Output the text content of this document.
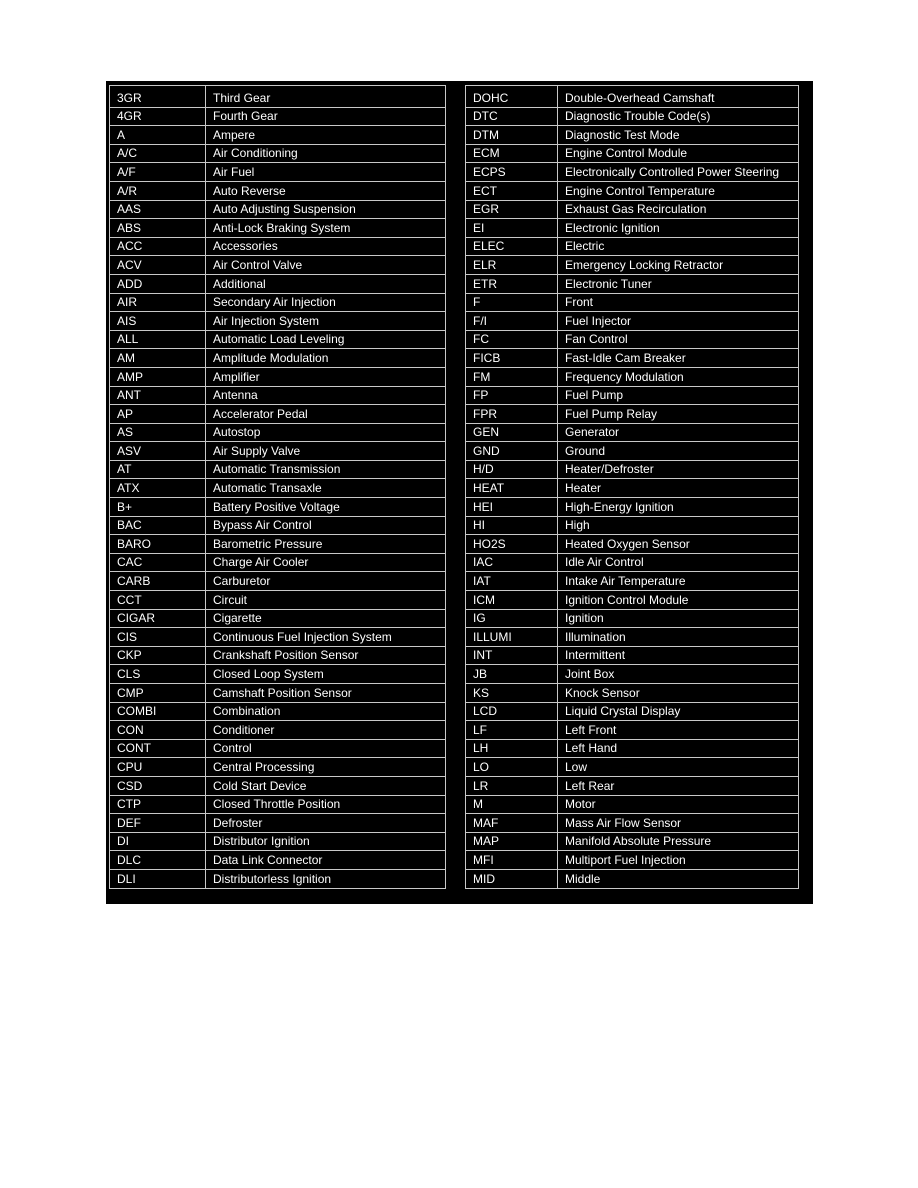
3GR	Third Gear
4GR	Fourth Gear
A	Ampere
A/C	Air Conditioning
A/F	Air Fuel
A/R	Auto Reverse
AAS	Auto Adjusting Suspension
ABS	Anti-Lock Braking System
ACC	Accessories
ACV	Air Control Valve
ADD	Additional
AIR	Secondary Air Injection
AIS	Air Injection System
ALL	Automatic Load Leveling
AM	Amplitude Modulation
AMP	Amplifier
ANT	Antenna
AP	Accelerator Pedal
AS	Autostop
ASV	Air Supply Valve
AT	Automatic Transmission
ATX	Automatic Transaxle
B+	Battery Positive Voltage
BAC	Bypass Air Control
BARO	Barometric Pressure
CAC	Charge Air Cooler
CARB	Carburetor
CCT	Circuit
CIGAR	Cigarette
CIS	Continuous Fuel Injection System
CKP	Crankshaft Position Sensor
CLS	Closed Loop System
CMP	Camshaft Position Sensor
COMBI	Combination
CON	Conditioner
CONT	Control
CPU	Central Processing
CSD	Cold Start Device
CTP	Closed Throttle Position
DEF	Defroster
DI	Distributor Ignition
DLC	Data Link Connector
DLI	Distributorless Ignition
DOHC	Double-Overhead Camshaft
DTC	Diagnostic Trouble Code(s)
DTM	Diagnostic Test Mode
ECM	Engine Control Module
ECPS	Electronically Controlled Power Steering
ECT	Engine Control Temperature
EGR	Exhaust Gas Recirculation
EI	Electronic Ignition
ELEC	Electric
ELR	Emergency Locking Retractor
ETR	Electronic Tuner
F	Front
F/I	Fuel Injector
FC	Fan Control
FICB	Fast-Idle Cam Breaker
FM	Frequency Modulation
FP	Fuel Pump
FPR	Fuel Pump Relay
GEN	Generator
GND	Ground
H/D	Heater/Defroster
HEAT	Heater
HEI	High-Energy Ignition
HI	High
HO2S	Heated Oxygen Sensor
IAC	Idle Air Control
IAT	Intake Air Temperature
ICM	Ignition Control Module
IG	Ignition
ILLUMI	Illumination
INT	Intermittent
JB	Joint Box
KS	Knock Sensor
LCD	Liquid Crystal Display
LF	Left Front
LH	Left Hand
LO	Low
LR	Left Rear
M	Motor
MAF	Mass Air Flow Sensor
MAP	Manifold Absolute Pressure
MFI	Multiport Fuel Injection
MID	Middle
